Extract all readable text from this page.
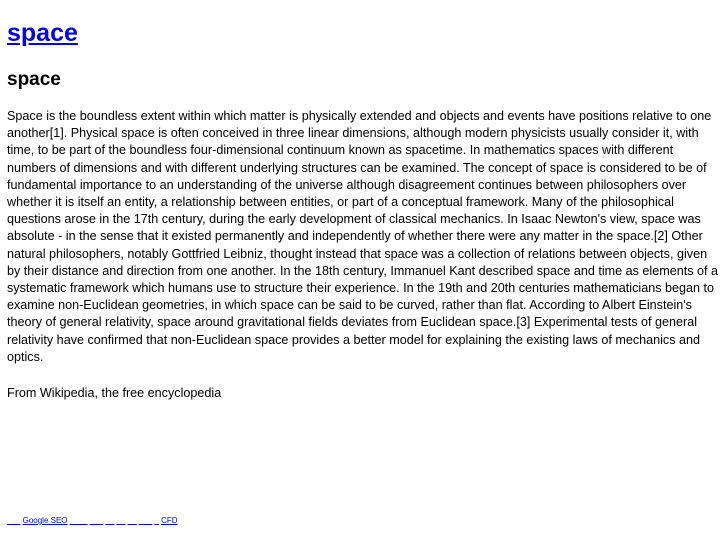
space
space

Space is the boundless extent within which matter is physically extended and objects and events have positions relative to one another[1]. Physical space is often conceived in three linear dimensions, although modern physicists usually consider it, with time, to be part of the boundless four-dimensional continuum known as spacetime. In mathematics spaces with different numbers of dimensions and with different underlying structures can be examined. The concept of space is considered to be of fundamental importance to an understanding of the universe although disagreement continues between philosophers over whether it is itself an entity, a relationship between entities, or part of a conceptual framework. Many of the philosophical questions arose in the 17th century, during the early development of classical mechanics. In Isaac Newton's view, space was absolute - in the sense that it existed permanently and independently of whether there were any matter in the space.[2] Other natural philosophers, notably Gottfried Leibniz, thought instead that space was a collection of relations between objects, given by their distance and direction from one another. In the 18th century, Immanuel Kant described space and time as elements of a systematic framework which humans use to structure their experience. In the 19th and 20th centuries mathematicians began to examine non-Euclidean geometries, in which space can be said to be curved, rather than flat. According to Albert Einstein's theory of general relativity, space around gravitational fields deviates from Euclidean space.[3] Experimental tests of general relativity have confirmed that non-Euclidean space provides a better model for explaining the existing laws of mechanics and optics.

From Wikipedia, the free encyclopedia

___ Google SEO ____ ___ __ __ __ ___ _ CFD
